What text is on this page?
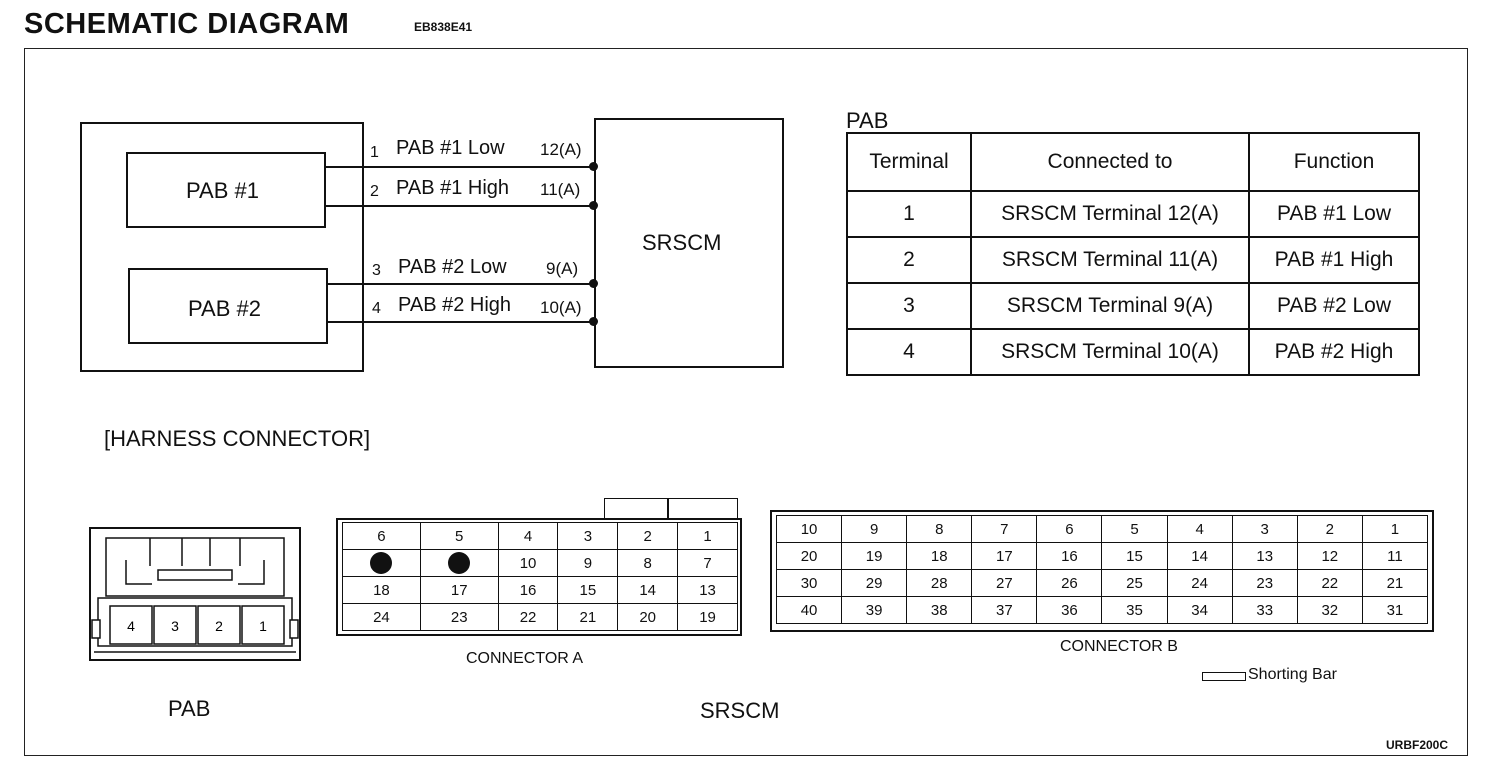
SCHEMATIC DIAGRAM	EB838E41
PAB #1
PAB #2
SRSCM
1 PAB #1 Low 12(A)
2 PAB #1 High 11(A)
3 PAB #2 Low 9(A)
4 PAB #2 High 10(A)
PAB
Terminal	Connected to	Function
1	SRSCM Terminal 12(A)	PAB #1 Low
2	SRSCM Terminal 11(A)	PAB #1 High
3	SRSCM Terminal 9(A)	PAB #2 Low
4	SRSCM Terminal 10(A)	PAB #2 High
[HARNESS CONNECTOR]
4	3	2	1
PAB
6	5	4	3	2	1
		10	9	8	7
18	17	16	15	14	13
24	23	22	21	20	19
CONNECTOR A
10	9	8	7	6	5	4	3	2	1
20	19	18	17	16	15	14	13	12	11
30	29	28	27	26	25	24	23	22	21
40	39	38	37	36	35	34	33	32	31
CONNECTOR B
Shorting Bar
SRSCM
URBF200C
